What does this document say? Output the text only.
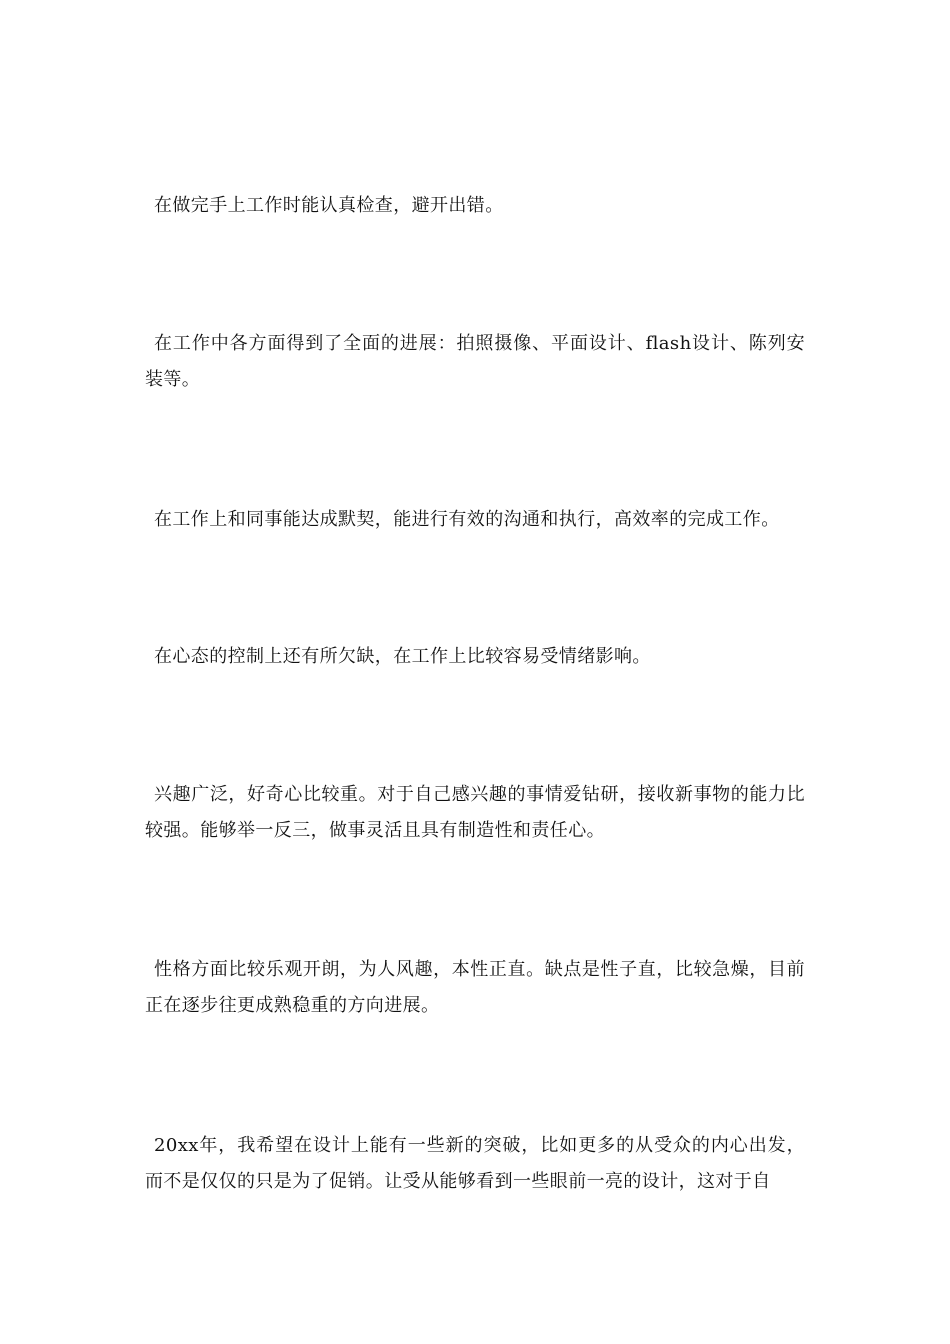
在做完手上工作时能认真检查，避开出错。

在工作中各方面得到了全面的进展：拍照摄像、平面设计、flash设计、陈列安装等。

在工作上和同事能达成默契，能进行有效的沟通和执行，高效率的完成工作。

在心态的控制上还有所欠缺，在工作上比较容易受情绪影响。

兴趣广泛，好奇心比较重。对于自己感兴趣的事情爱钻研，接收新事物的能力比较强。能够举一反三，做事灵活且具有制造性和责任心。

性格方面比较乐观开朗，为人风趣，本性正直。缺点是性子直，比较急燥，目前正在逐步往更成熟稳重的方向进展。

20xx年，我希望在设计上能有一些新的突破，比如更多的从受众的内心出发，而不是仅仅的只是为了促销。让受从能够看到一些眼前一亮的设计，这对于自
